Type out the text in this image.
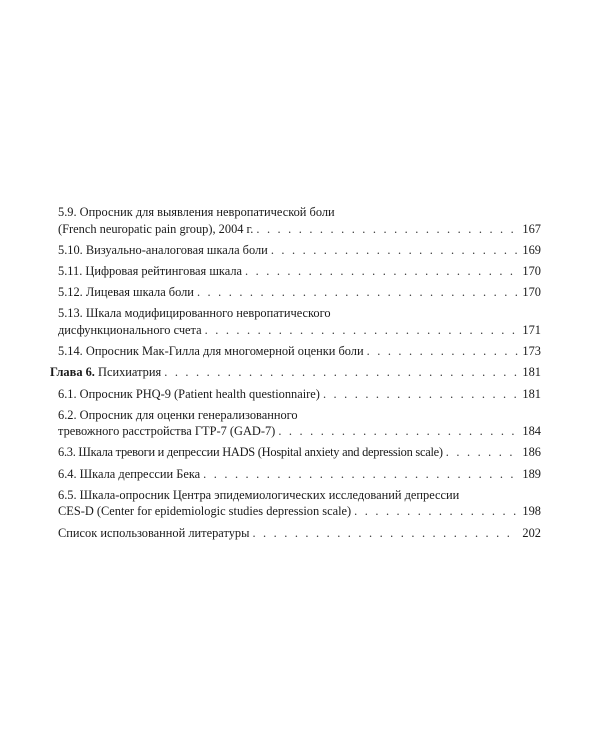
5.9. Опросник для выявления невропатической боли
(French neuropatic pain group), 2004 г. . . .	167
5.10. Визуально-аналоговая шкала боли . . .	169
5.11. Цифровая рейтинговая шкала . . .	170
5.12. Лицевая шкала боли . . .	170
5.13. Шкала модифицированного невропатического
дисфункционального счета . . .	171
5.14. Опросник Мак-Гилла для многомерной оценки боли . . .	173
Глава 6. Психиатрия . . .	181
6.1. Опросник PHQ-9 (Patient health questionnaire) . . .	181
6.2. Опросник для оценки генерализованного
тревожного расстройства ГТР-7 (GAD-7) . . .	184
6.3. Шкала тревоги и депрессии HADS (Hospital anxiety and depression scale) . . .	186
6.4. Шкала депрессии Бека . . .	189
6.5. Шкала-опросник Центра эпидемиологических исследований депрессии
CES-D (Center for epidemiologic studies depression scale) . . .	198
Список использованной литературы . . .	202
